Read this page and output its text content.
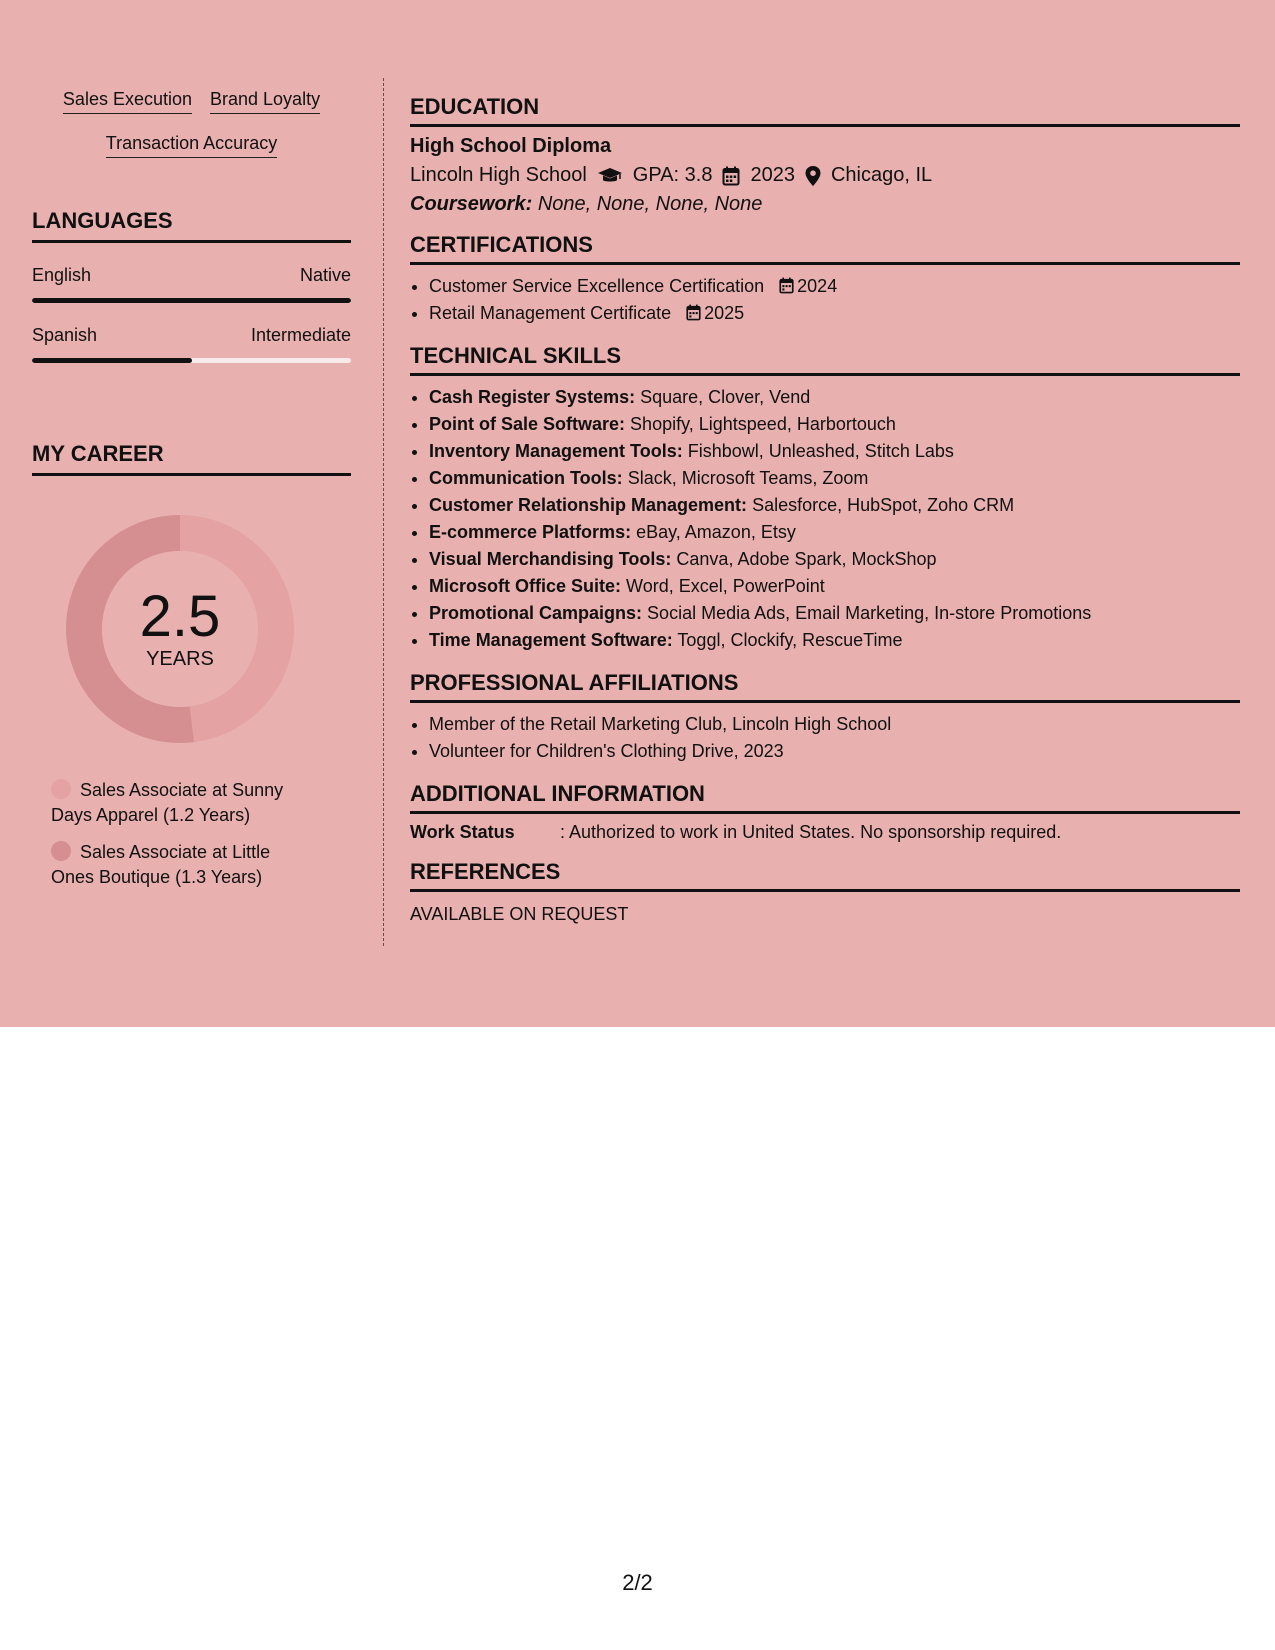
Sales Execution Brand Loyalty
Transaction Accuracy
LANGUAGES
English	Native
Spanish	Intermediate
MY CAREER
2.5
YEARS
Sales Associate at Sunny Days Apparel (1.2 Years)
Sales Associate at Little Ones Boutique (1.3 Years)
EDUCATION
High School Diploma
Lincoln High School GPA: 3.8 2023 Chicago, IL
Coursework: None, None, None, None
CERTIFICATIONS
• Customer Service Excellence Certification 2024
• Retail Management Certificate 2025
TECHNICAL SKILLS
• Cash Register Systems: Square, Clover, Vend
• Point of Sale Software: Shopify, Lightspeed, Harbortouch
• Inventory Management Tools: Fishbowl, Unleashed, Stitch Labs
• Communication Tools: Slack, Microsoft Teams, Zoom
• Customer Relationship Management: Salesforce, HubSpot, Zoho CRM
• E-commerce Platforms: eBay, Amazon, Etsy
• Visual Merchandising Tools: Canva, Adobe Spark, MockShop
• Microsoft Office Suite: Word, Excel, PowerPoint
• Promotional Campaigns: Social Media Ads, Email Marketing, In-store Promotions
• Time Management Software: Toggl, Clockify, RescueTime
PROFESSIONAL AFFILIATIONS
• Member of the Retail Marketing Club, Lincoln High School
• Volunteer for Children's Clothing Drive, 2023
ADDITIONAL INFORMATION
Work Status	: Authorized to work in United States. No sponsorship required.
REFERENCES
AVAILABLE ON REQUEST
2/2
